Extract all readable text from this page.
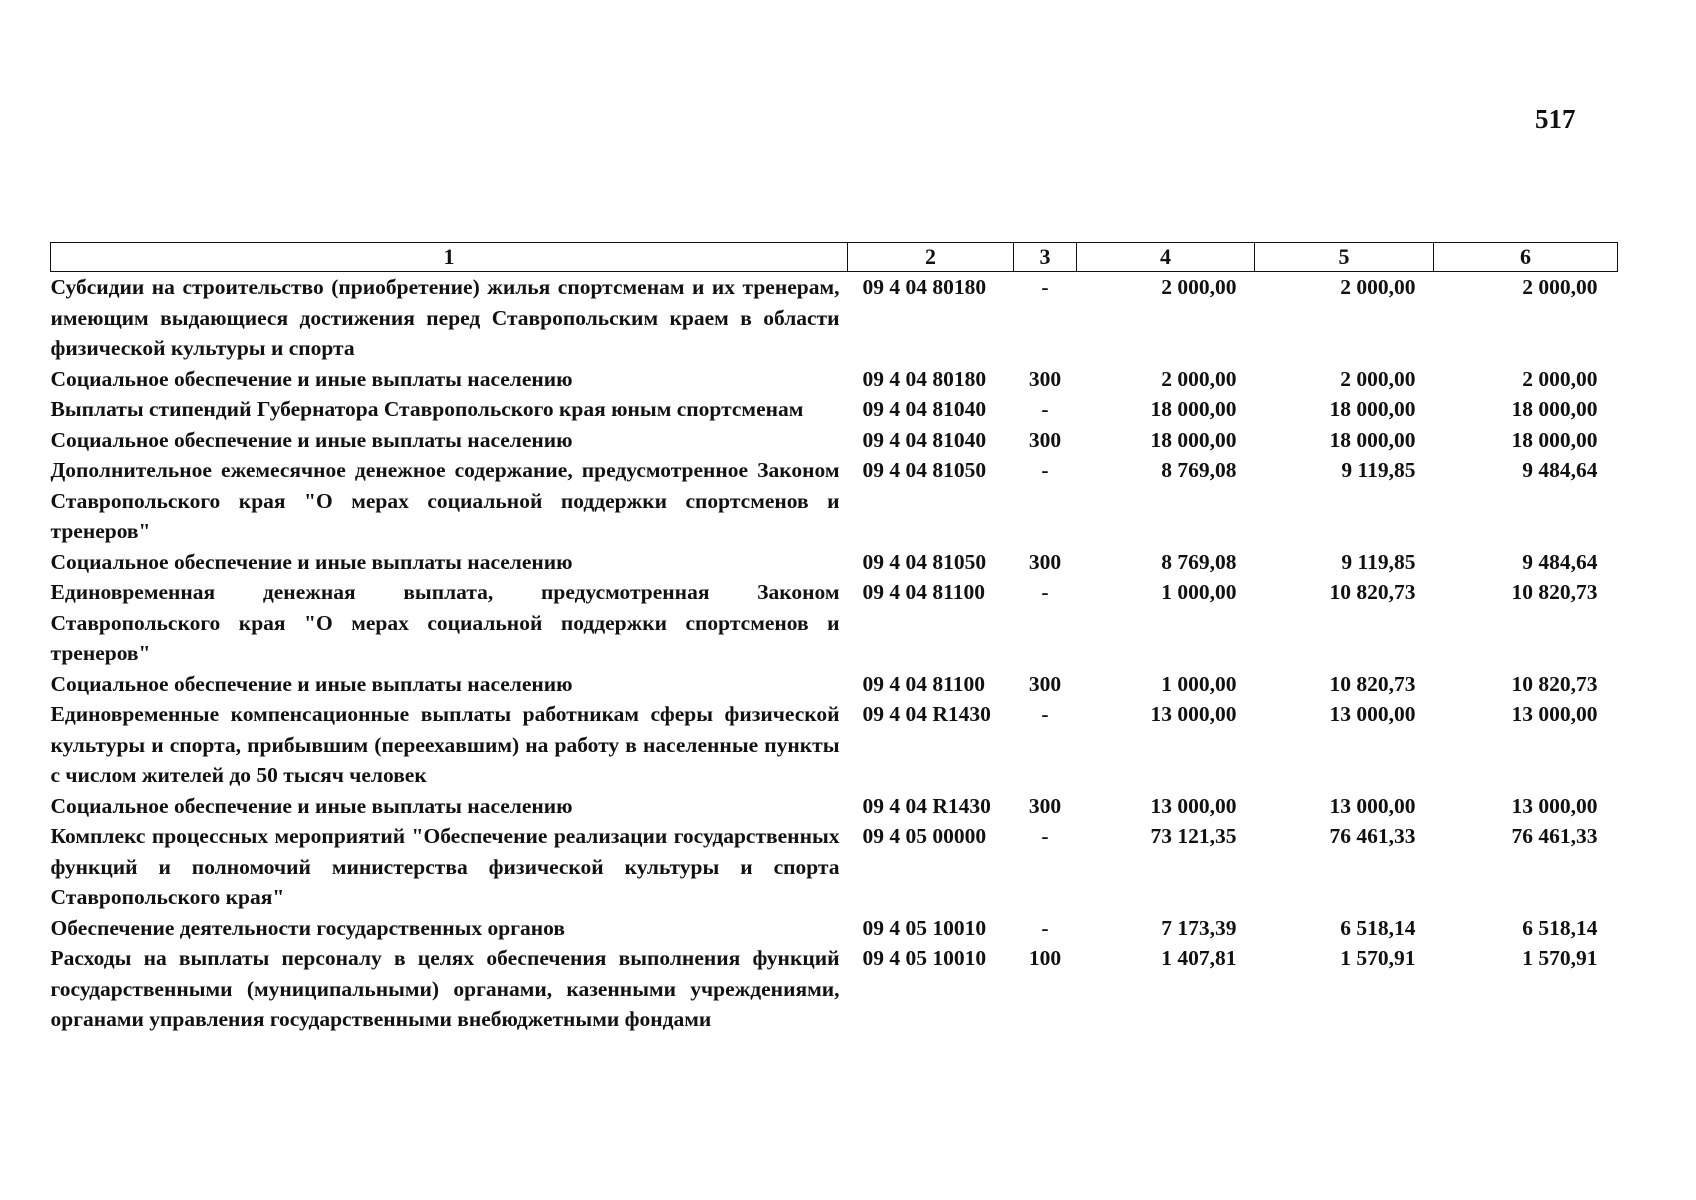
517
1	2	3	4	5	6
Субсидии на строительство (приобретение) жилья спортсменам и их тренерам, имеющим выдающиеся достижения перед Ставропольским краем в области физической культуры и спорта	09 4 04 80180	-	2 000,00	2 000,00	2 000,00
Социальное обеспечение и иные выплаты населению	09 4 04 80180	300	2 000,00	2 000,00	2 000,00
Выплаты стипендий Губернатора Ставропольского края юным спортсменам	09 4 04 81040	-	18 000,00	18 000,00	18 000,00
Социальное обеспечение и иные выплаты населению	09 4 04 81040	300	18 000,00	18 000,00	18 000,00
Дополнительное ежемесячное денежное содержание, предусмотренное Законом Ставропольского края "О мерах социальной поддержки спортсменов и тренеров"	09 4 04 81050	-	8 769,08	9 119,85	9 484,64
Социальное обеспечение и иные выплаты населению	09 4 04 81050	300	8 769,08	9 119,85	9 484,64
Единовременная денежная выплата, предусмотренная Законом Ставропольского края "О мерах социальной поддержки спортсменов и тренеров"	09 4 04 81100	-	1 000,00	10 820,73	10 820,73
Социальное обеспечение и иные выплаты населению	09 4 04 81100	300	1 000,00	10 820,73	10 820,73
Единовременные компенсационные выплаты работникам сферы физической культуры и спорта, прибывшим (переехавшим) на работу в населенные пункты с числом жителей до 50 тысяч человек	09 4 04 R1430	-	13 000,00	13 000,00	13 000,00
Социальное обеспечение и иные выплаты населению	09 4 04 R1430	300	13 000,00	13 000,00	13 000,00
Комплекс процессных мероприятий "Обеспечение реализации государственных функций и полномочий министерства физической культуры и спорта Ставропольского края"	09 4 05 00000	-	73 121,35	76 461,33	76 461,33
Обеспечение деятельности государственных органов	09 4 05 10010	-	7 173,39	6 518,14	6 518,14
Расходы на выплаты персоналу в целях обеспечения выполнения функций государственными (муниципальными) органами, казенными учреждениями, органами управления государственными внебюджетными фондами	09 4 05 10010	100	1 407,81	1 570,91	1 570,91
